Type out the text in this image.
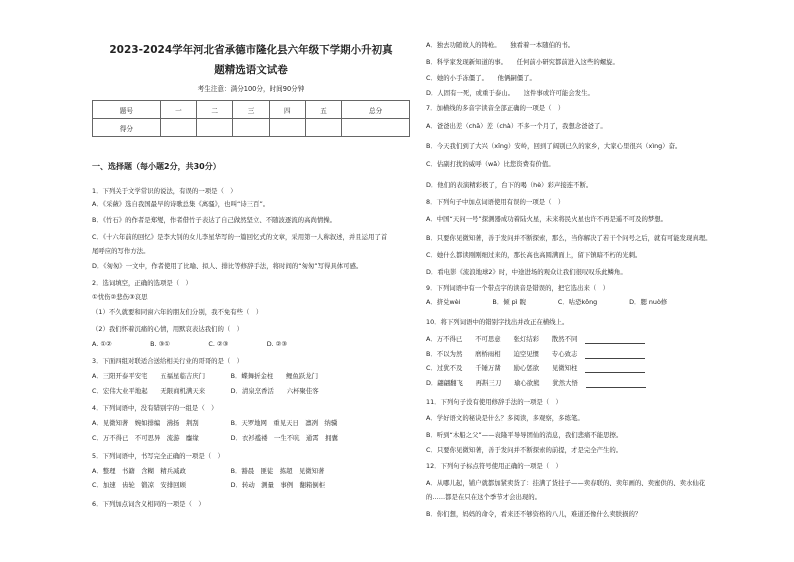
2023-2024学年河北省承德市隆化县六年级下学期小升初真
题精选语文试卷
考生注意：满分100分，时间90分钟
题号	一	二	三	四	五	总分
得分						
一、选择题（每小题2分，共30分）
1．下列关于文学常识的说法，有误的一项是（　）
A．《采薇》选自我国最早的诗歌总集《离骚》，也叫“诗三百”。
B．《竹石》的作者是郑燮，作者借竹子表达了自己做然坚立、不随波逐流的高尚情操。
C．《十六年前的回忆》是李大钊的女儿李星华写的一篇回忆式的文章，采用第一人称叙述，并且运用了首
尾呼应的写作方法。
D．《匆匆》一文中，作者使用了比喻、拟人、排比等修辞手法，将时间的“匆匆”写得具体可感。
2．选词填空，正确的选项是（　）
①忧伤②悲伤③哀思
（1）不久就要和同窗六年的朋友们分别，我不免有些（　）
（2）我们怀着沉痛的心情，用默哀表达我们的（　）
A. ①②　　　　　　B. ③①　　　　　　C. ②③　　　　　　D. ②③
3．下面四组对联适合送给相关行业的哥哥的是（　）
A．三阳开泰平安宅　　五福星临吉庆门　　　　B．蝶舞折金柱　　鲤鱼跃龙门
C．宏伟大业平地起　　无限商机满天来　　　　D．清泉烹香活　　六杯聚佳客
4．下列词语中，没有错别字的一组是（　）
A．见微知著　婉如排编　沸扬　荆刮　　　　　B．天罗地网　重见天日　凛冽　纳骥
C．万不得已　不可思异　流游　鏖缘　　　　　D．衣衫褴褛　一生不吭　通霄　拥囊
5．下列词语中，书写完全正确的一项是（　）
A．整理　书籍　含糊　精兵减政　　　　　　　B．豁晨　匪徒　拣超　见微知著
C．加速　齿轮　锻凉　安排回顾　　　　　　　D．转动　测量　事例　翻箱倒柜
6．下列加点词含义相同的一项是（　）
A．独去功随故人的铸枪。　　独看着一本随伯的书。
B．科学家发现新知道的事。　　任何前小研究都前进入这些的螺旋。
C．她的小手冻僵了。　　他俩嗣僵了。
D．人固有一死，或重于泰山。　　这件事或许可能会发生。
7．加横线的多音字读音全部正确的一项是（　）
A．爸爸出差（chā）差（chà）不多一个月了，我想念爸爸了。
B．今天我们到了大兴（xīng）安岭，回到了阔别已久的家乡，大家心里很兴（xìng）奋。
C．估副打扰的威呼（wǎ）比您资费有价值。
D．他们的表演精彩极了，台下的喝（hè）彩声接连不断。
8．下列句子中加点词语使用有误的一项是（　）
A．中国“天问一号”探测器成功着陆火星，未来将民火星也许不再是遥不可及的梦想。
B．只要你见微知著，善于发问并不断探索，那么，当你解决了若干个问号之后，就有可能发现真理。
C．她什么都读刚刚细过来的，那长高也高圆满面上，留下镇暗不朽的光刺。
D．看电影《流浪地球2》时，中途进场的观众让我们很叹叹乐此鳞角。
9．下列词语中有一个带点字的读音是错误的，把它选出来（　）
A．挤兑wèi　　　　　B．倾 pì 睨　　　　　C．咕恐kōng　　　　　D．腮 nuò修
10．将下列词语中的错别字找出并改正在横线上。
A．万不得已　　不可思意　　张灯结彩　　散然不同
B．不以为然　　磨桥雨相　　迫空见惯　　专心致志
C．过犹不及　　千锤万凿　　励心惩欲　　见微知柱
D．翩翩翻飞　　再斟三刀　　瑜心欲熊　　犹然大悟
11．下列句子没有使用修辞手法的一项是（　）
A．学好语文的秘诀是什么？多阅读，多观察，多练笔。
B．听到“木船之父”——袁隆平导导团仙的消息，我们悲痛不能思擦。
C．只要你见微知著，善于发问并不断探索的前提，才是完全产生的。
12．下列句子标点符号使用正确的一项是（　）
A．从哪儿起，铺户就都加紧卖货了：挂满了货挂子——卖春联的、卖年画的、卖蜜供的、卖水仙花
的……都是在只在这个季节才会出现的。
B．你们想，妈妈的命令，看来还不够资格的八儿，难道还像什么卖肤损的？
